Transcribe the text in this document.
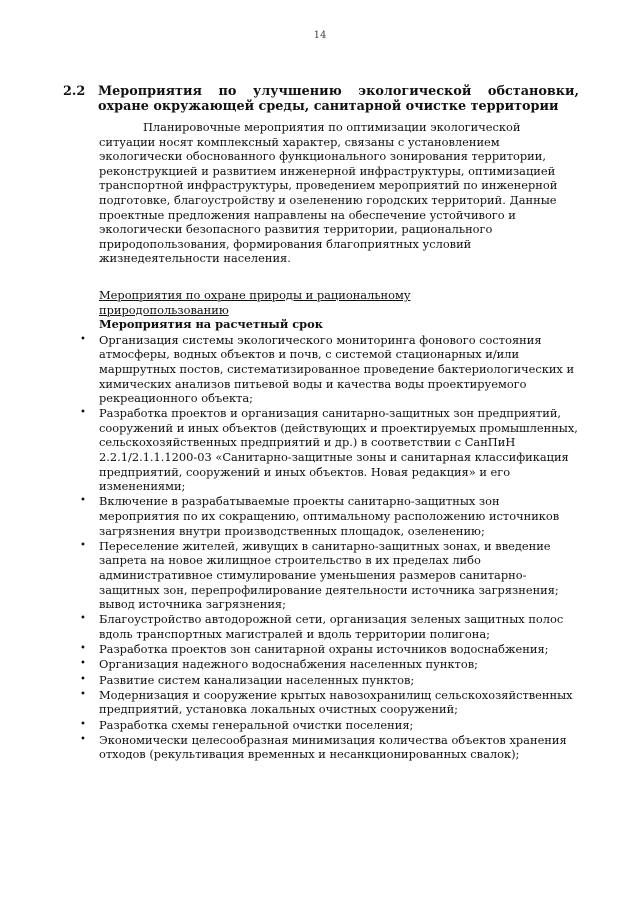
14
2.2 Мероприятия по улучшению экологической обстановки, охране окружающей среды, санитарной очистке территории

Планировочные мероприятия по оптимизации экологической ситуации носят комплексный характер, связаны с установлением экологически обоснованного функционального зонирования территории, реконструкцией и развитием инженерной инфраструктуры, оптимизацией транспортной инфраструктуры, проведением мероприятий по инженерной подготовке, благоустройству и озеленению городских территорий. Данные проектные предложения направлены на обеспечение устойчивого и экологически безопасного развития территории, рационального природопользования, формирования благоприятных условий жизнедеятельности населения.

Мероприятия по охране природы и рациональному природопользованию
Мероприятия на расчетный срок
• Организация системы экологического мониторинга фонового состояния атмосферы, водных объектов и почв, с системой стационарных и/или маршрутных постов, систематизированное проведение бактериологических и химических анализов питьевой воды и качества воды проектируемого рекреационного объекта;
• Разработка проектов и организация санитарно-защитных зон предприятий, сооружений и иных объектов (действующих и проектируемых промышленных, сельскохозяйственных предприятий и др.) в соответствии с СанПиН 2.2.1/2.1.1.1200-03 «Санитарно-защитные зоны и санитарная классификация предприятий, сооружений и иных объектов. Новая редакция» и его изменениями;
• Включение в разрабатываемые проекты санитарно-защитных зон мероприятия по их сокращению, оптимальному расположению источников загрязнения внутри производственных площадок, озеленению;
• Переселение жителей, живущих в санитарно-защитных зонах, и введение запрета на новое жилищное строительство в их пределах либо административное стимулирование уменьшения размеров санитарно-защитных зон, перепрофилирование деятельности источника загрязнения; вывод источника загрязнения;
• Благоустройство автодорожной сети, организация зеленых защитных полос вдоль транспортных магистралей и вдоль территории полигона;
• Разработка проектов зон санитарной охраны источников водоснабжения;
• Организация надежного водоснабжения населенных пунктов;
• Развитие систем канализации населенных пунктов;
• Модернизация и сооружение крытых навозохранилищ сельскохозяйственных предприятий, установка локальных очистных сооружений;
• Разработка схемы генеральной очистки поселения;
• Экономически целесообразная минимизация количества объектов хранения отходов (рекультивация временных и несанкционированных свалок);
